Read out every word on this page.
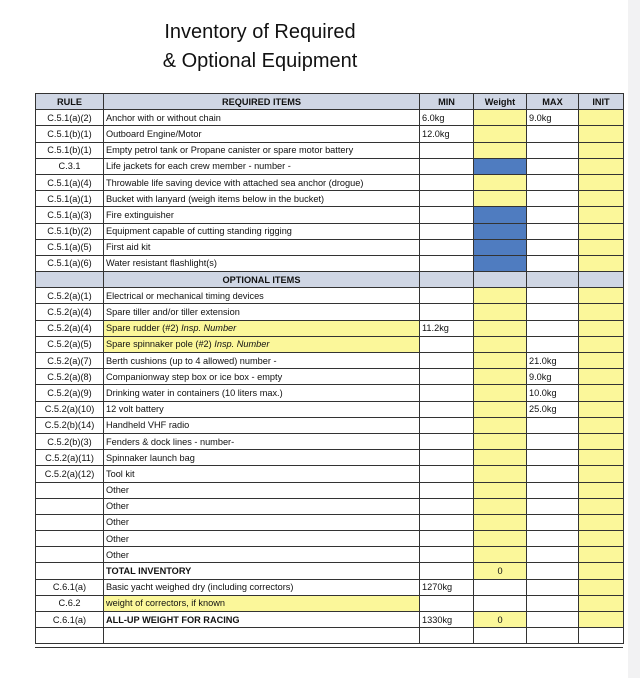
Inventory of Required
& Optional Equipment
RULE	REQUIRED ITEMS	MIN	Weight	MAX	INIT
C.5.1(a)(2)	Anchor with or without chain	6.0kg		9.0kg	
C.5.1(b)(1)	Outboard Engine/Motor	12.0kg			
C.5.1(b)(1)	Empty petrol tank or Propane canister or spare motor battery				
C.3.1	Life jackets for each crew member - number -				
C.5.1(a)(4)	Throwable life saving device with attached sea anchor (drogue)				
C.5.1(a)(1)	Bucket with lanyard (weigh items below in the bucket)				
C.5.1(a)(3)	Fire extinguisher				
C.5.1(b)(2)	Equipment capable of cutting standing rigging				
C.5.1(a)(5)	First aid kit				
C.5.1(a)(6)	Water resistant flashlight(s)				
	OPTIONAL ITEMS				
C.5.2(a)(1)	Electrical or mechanical timing devices				
C.5.2(a)(4)	Spare tiller and/or tiller extension				
C.5.2(a)(4)	Spare rudder (#2) Insp. Number	11.2kg			
C.5.2(a)(5)	Spare spinnaker pole (#2) Insp. Number				
C.5.2(a)(7)	Berth cushions (up to 4 allowed) number -			21.0kg	
C.5.2(a)(8)	Companionway step box or ice box - empty			9.0kg	
C.5.2(a)(9)	Drinking water in containers (10 liters max.)			10.0kg	
C.5.2(a)(10)	12 volt battery			25.0kg	
C.5.2(b)(14)	Handheld VHF radio				
C.5.2(b)(3)	Fenders & dock lines - number-				
C.5.2(a)(11)	Spinnaker launch bag				
C.5.2(a)(12)	Tool kit				
	Other				
	Other				
	Other				
	Other				
	Other				
	TOTAL INVENTORY		0		
C.6.1(a)	Basic yacht weighed dry (including correctors)	1270kg			
C.6.2	weight of correctors, if known				
C.6.1(a)	ALL-UP WEIGHT FOR RACING	1330kg	0		
